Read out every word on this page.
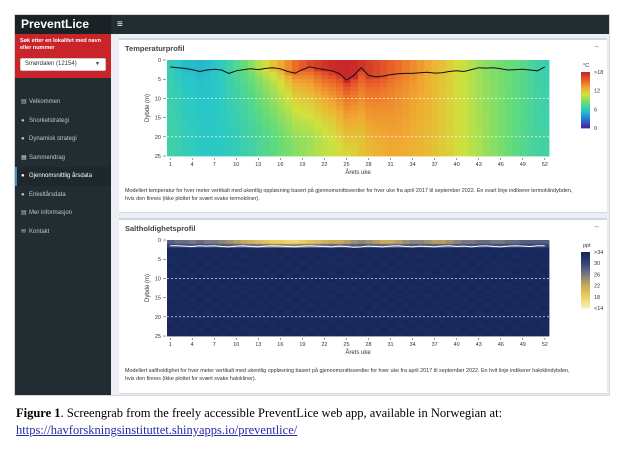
PreventLice	≡
Søk etter en lokalitet med navn eller nummer
Smørdalen (12154)	▼
▤ Velkommen
● Snorkelstrategi
● Dynamisk strategi
▦ Sammendrag
● Gjennomsnittlig årsdata
● Enkeltårsdata
▤ Mer informasjon
✉ Kontakt
Temperaturprofil	–
0
5
10
15
20
25
1	4	7	10	13	16	19	22	25	28	31	34	37	40	43	46	49	52
Årets uke
Dybde (m)
°C
>18
12
6
0
Modellert temperatur for hver meter vertikalt med ukentlig oppløsning basert på gjennomsnittsverdier for hver uke fra april 2017 til september 2022. En svart linje indikerer termoklindybden, hvis den finnes (ikke plottet for svært svake termokliner).
Saltholdighetsprofil	–
0
5
10
15
20
25
1	4	7	10	13	16	19	22	25	28	31	34	37	40	43	46	49	52
Årets uke
Dybde (m)
ppt
>34
30
26
22
18
<14
Modellert saltholdighet for hver meter vertikalt med ukentlig oppløsning basert på gjennomsnittsverdier for hver uke fra april 2017 til september 2022. En hvit linje indikerer haloklindybden, hvis den finnes (ikke plottet for svært svake halokliner).
Figure 1. Screengrab from the freely accessible PreventLice web app, available in Norwegian at:
https://havforskningsinstituttet.shinyapps.io/preventlice/
